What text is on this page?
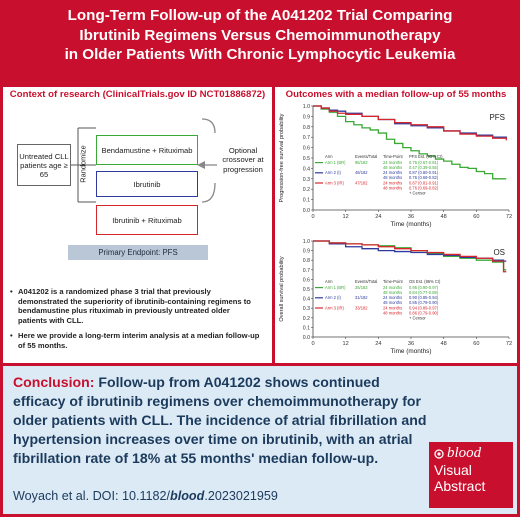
Long-Term Follow-up of the A041202 Trial Comparing
Ibrutinib Regimens Versus Chemoimmunotherapy
in Older Patients With Chronic Lymphocytic Leukemia
Context of research (ClinicalTrials.gov ID NCT01886872)
Untreated CLL patients age ≥ 65	Randomize Bendamustine + Rituximab
Ibrutinib
Ibrutinib + Rituximab
Optional crossover at progression
Primary Endpoint: PFS
• A041202 is a randomized phase 3 trial that previously demonstrated the superiority of ibrutinib-containing regimens to bendamustine plus rituximab in previously untreated older patients with CLL.
• Here we provide a long-term interim analysis at a median follow-up of 55 months.
Outcomes with a median follow-up of 55 months
0.0
0.1
0.2
0.3
0.4
0.5
0.6
0.7
0.8
0.9
1.0
0	12	24	36	48	60	72
Time (months)
Progression-free survival probability	PFS
Arm	Events/Total Time-Point PFS Est. (95% CI)
Arm 1 (BR) 96/183	24 months 0.75 (0.67-0.81)
48 months 0.47 (0.39-0.55)
Arm 2 (I)	48/182	24 months 0.87 (0.80-0.91)
48 months 0.76 (0.69-0.82)
Arm 3 (IR)	47/182	24 months 0.87 (0.81-0.91)
48 months 0.76 (0.69-0.82)
+ Censor
0.0
0.1
0.2
0.3
0.4
0.5
0.6
0.7
0.8
0.9
1.0
0	12	24	36	48	60	72
Time (months)
Overall survival probability
OS
Arm	Events/Total Time-Point OS Est. (95% CI)
Arm 1 (BR) 26/183	24 months 0.95 (0.90-0.97)
48 months 0.84 (0.77-0.89)
Arm 2 (I)	31/182	24 months 0.90 (0.85-0.94)
48 months 0.85 (0.79-0.90)
Arm 3 (IR)	33/182	24 months 0.94 (0.89-0.97)
48 months 0.86 (0.79-0.90)
+ Censor
Conclusion: Follow-up from A041202 shows continued efficacy of ibrutinib regimens over chemoimmunotherapy for older patients with CLL. The incidence of atrial fibrillation and hypertension increases over time on ibrutinib, with an atrial fibrillation rate of 18% at 55 months' median follow-up.
Woyach et al. DOI: 10.1182/blood.2023021959
blood
Visual
Abstract
